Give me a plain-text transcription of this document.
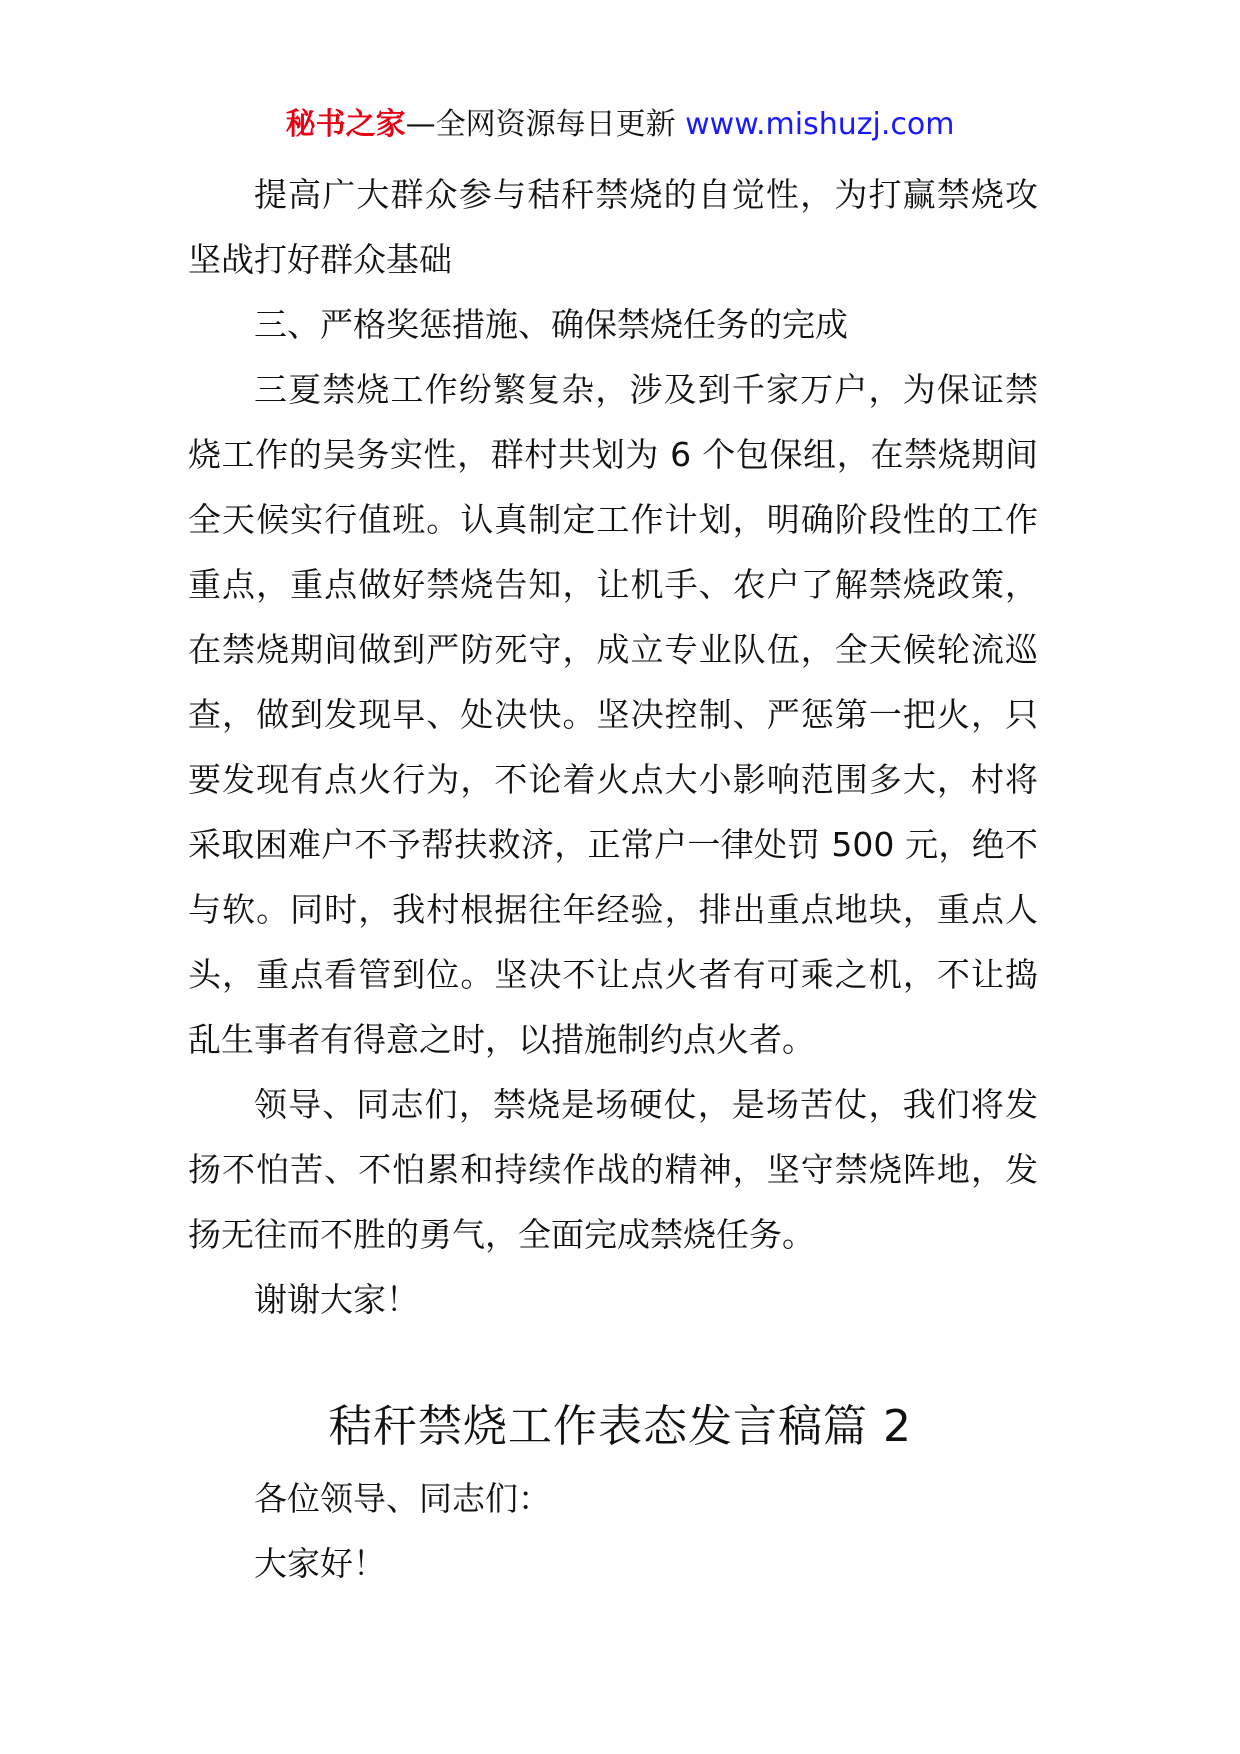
秘书之家—全网资源每日更新 www.mishuzj.com

提高广大群众参与秸秆禁烧的自觉性，为打赢禁烧攻坚战打好群众基础

三、严格奖惩措施、确保禁烧任务的完成

三夏禁烧工作纷繁复杂，涉及到千家万户，为保证禁烧工作的吴务实性，群村共划为 6 个包保组，在禁烧期间全天候实行值班。认真制定工作计划，明确阶段性的工作重点，重点做好禁烧告知，让机手、农户了解禁烧政策，在禁烧期间做到严防死守，成立专业队伍，全天候轮流巡查，做到发现早、处决快。坚决控制、严惩第一把火，只要发现有点火行为，不论着火点大小影响范围多大，村将采取困难户不予帮扶救济，正常户一律处罚 500 元，绝不与软。同时，我村根据往年经验，排出重点地块，重点人头，重点看管到位。坚决不让点火者有可乘之机，不让捣乱生事者有得意之时，以措施制约点火者。

领导、同志们，禁烧是场硬仗，是场苦仗，我们将发扬不怕苦、不怕累和持续作战的精神，坚守禁烧阵地，发扬无往而不胜的勇气，全面完成禁烧任务。

谢谢大家！

秸秆禁烧工作表态发言稿篇 2

各位领导、同志们：

大家好！
